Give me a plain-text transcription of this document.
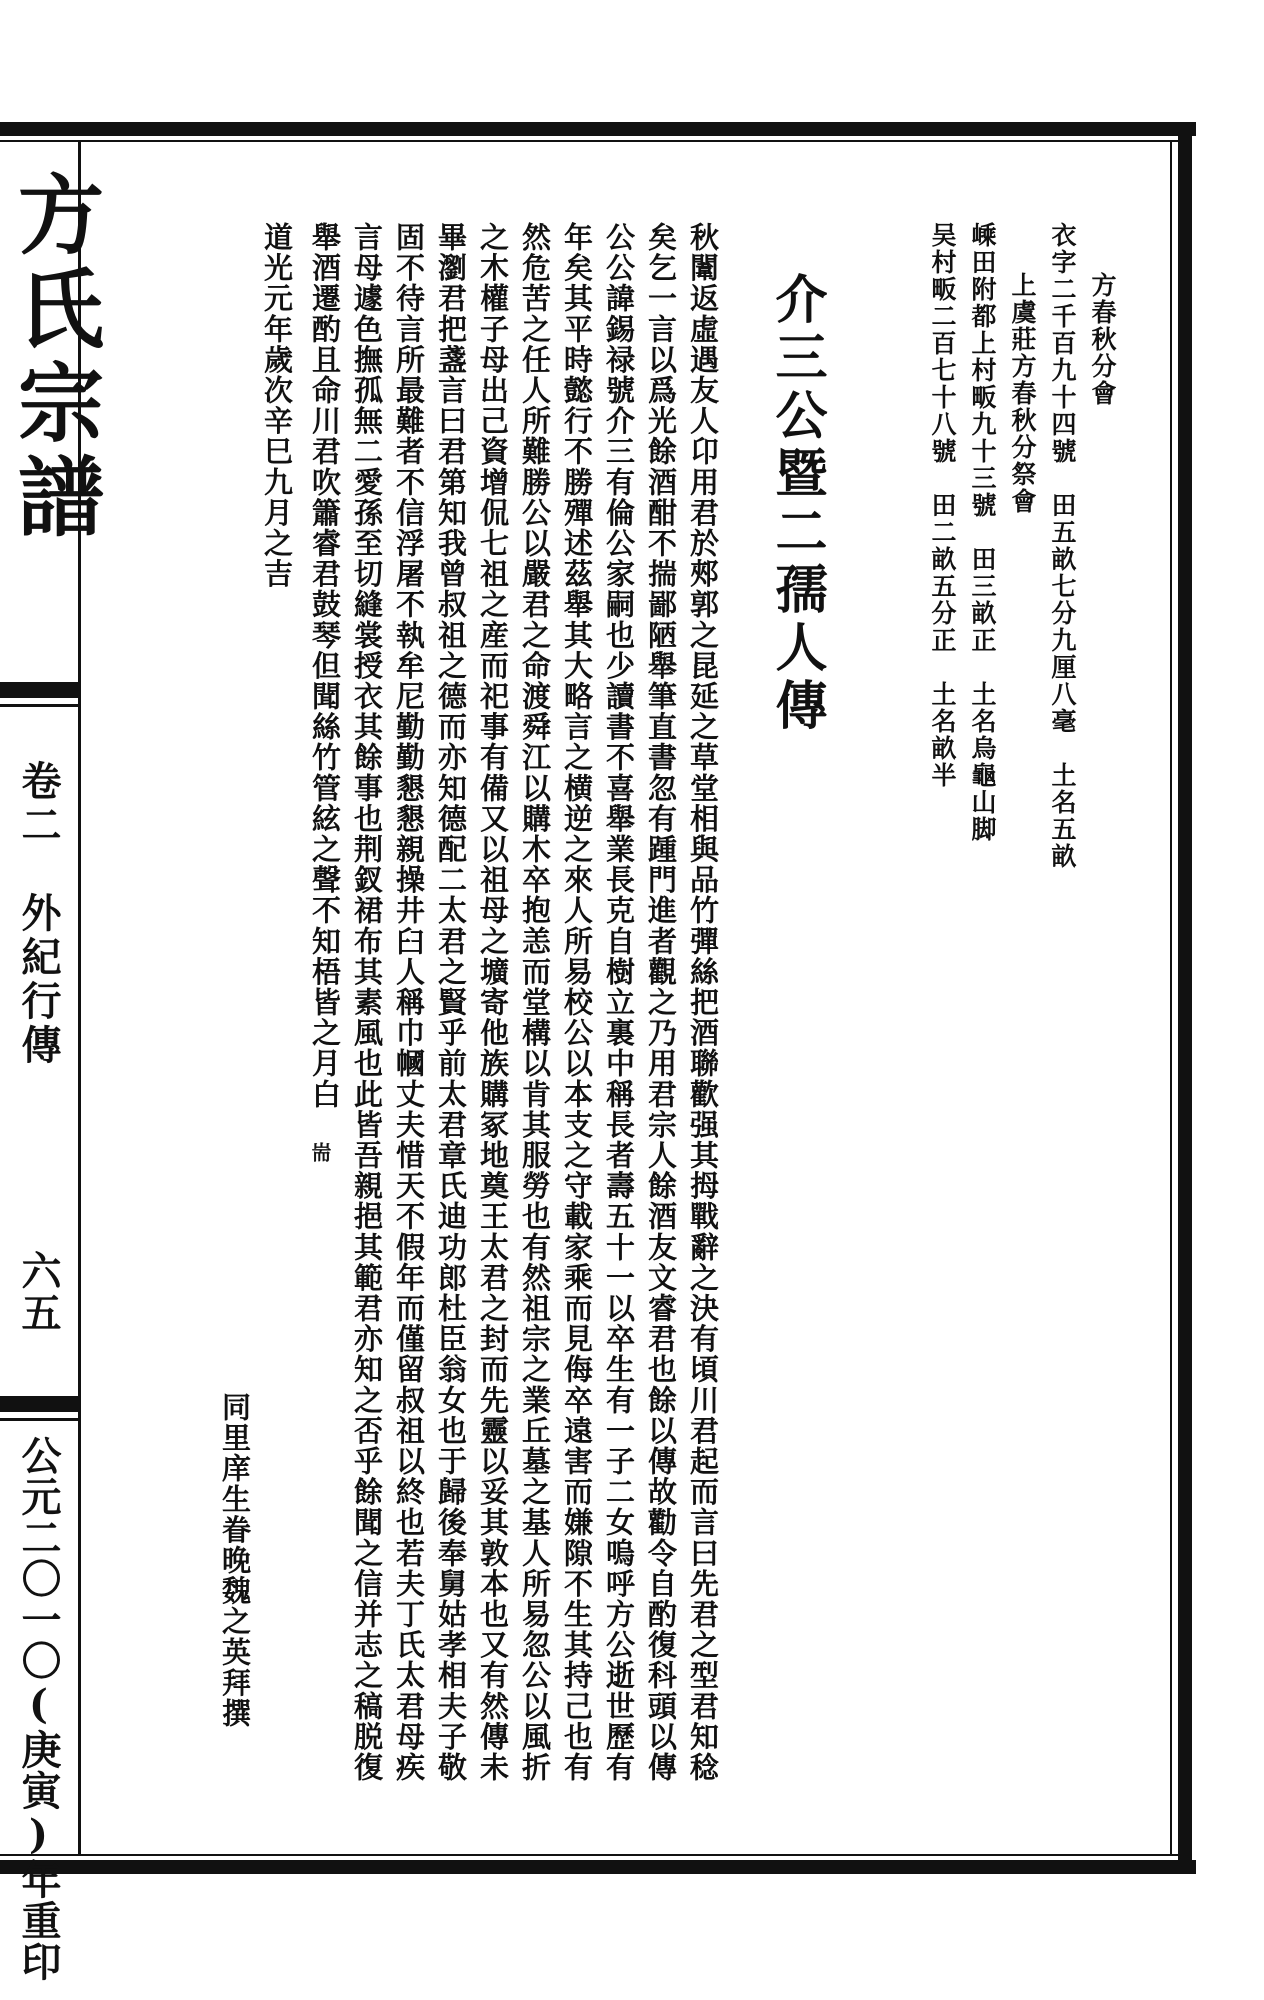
方氏宗譜
卷二　外紀行傳
六五
公元二〇一〇(庚寅)年重印
方春秋分會
衣字二千百九十四號　田五畝七分九厘八毫　土名五畝
上虞莊方春秋分祭會
嵊田附都上村畈九十三號　田三畝正　土名烏龜山脚
吴村畈二百七十八號　田二畝五分正　土名畝半
介三公暨二孺人傳
秋闈返虛遇友人卬用君於郟郭之昆延之草堂相與品竹彈絲把酒聯歡强其拇戰辭之決有頃川君起而言曰先君之型君知稔
矣乞一言以爲光餘酒酣不揣鄙陋舉筆直書忽有踵門進者觀之乃用君宗人餘酒友文睿君也餘以傳故勸令自酌復科頭以傳
公公諱錫禄號介三有倫公家嗣也少讀書不喜舉業長克自樹立裏中稱長者壽五十一以卒生有一子二女嗚呼方公逝世歷有
年矣其平時懿行不勝殫述茲舉其大略言之横逆之來人所易校公以本支之守載家乘而見侮卒遠害而嫌隙不生其持己也有
然危苦之任人所難勝公以嚴君之命渡舜江以購木卒抱恙而堂構以肯其服勞也有然祖宗之業丘墓之基人所易忽公以風折
之木權子母出己資增侃七祖之産而祀事有備又以祖母之壙寄他族購冢地奠王太君之封而先靈以妥其敦本也又有然傳未
畢瀏君把盞言曰君第知我曾叔祖之德而亦知德配二太君之賢乎前太君章氏迪功郎杜臣翁女也于歸後奉舅姑孝相夫子敬
固不待言所最難者不信浮屠不執牟尼勤勤懇懇親操井臼人稱巾幗丈夫惜天不假年而僅留叔祖以終也若夫丁氏太君母疾
言母遽色撫孤無二愛孫至切縫裳授衣其餘事也荆釵裙布其素風也此皆吾親挹其範君亦知之否乎餘聞之信并志之稿脱復
舉酒遷酌且命川君吹簫睿君鼓琴但聞絲竹管絃之聲不知梧皆之月白
耑
道光元年歲次辛巳九月之吉
同里庠生眷晚魏之英拜撰
